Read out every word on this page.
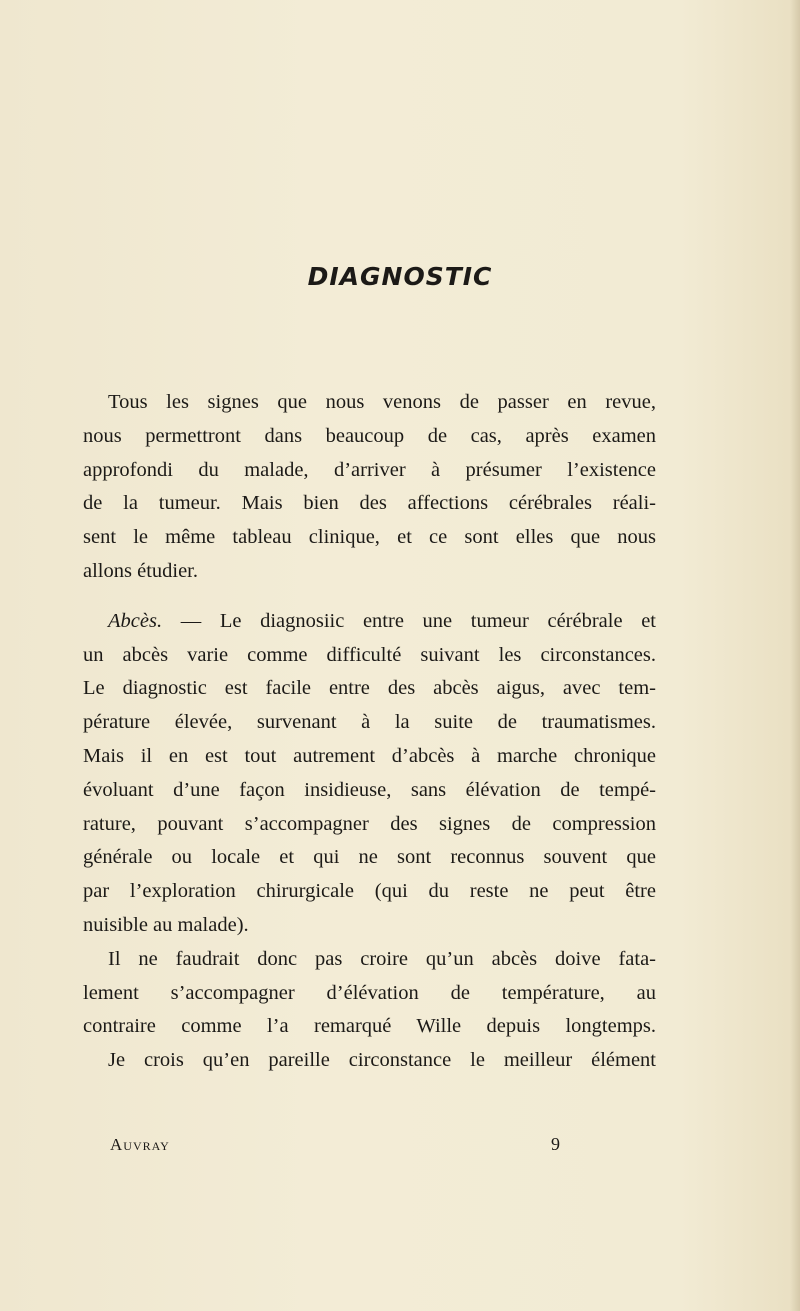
DIAGNOSTIC
Tous les signes que nous venons de passer en revue,
nous permettront dans beaucoup de cas, après examen
approfondi du malade, d’arriver à présumer l’existence
de la tumeur. Mais bien des affections cérébrales réali-
sent le même tableau clinique, et ce sont elles que nous
allons étudier.
Abcès. — Le diagnosiic entre une tumeur cérébrale et
un abcès varie comme difficulté suivant les circonstances.
Le diagnostic est facile entre des abcès aigus, avec tem-
pérature élevée, survenant à la suite de traumatismes.
Mais il en est tout autrement d’abcès à marche chronique
évoluant d’une façon insidieuse, sans élévation de tempé-
rature, pouvant s’accompagner des signes de compression
générale ou locale et qui ne sont reconnus souvent que
par l’exploration chirurgicale (qui du reste ne peut être
nuisible au malade).
Il ne faudrait donc pas croire qu’un abcès doive fata-
lement s’accompagner d’élévation de température, au
contraire comme l’a remarqué Wille depuis longtemps.
Je crois qu’en pareille circonstance le meilleur élément
Auvray	9
